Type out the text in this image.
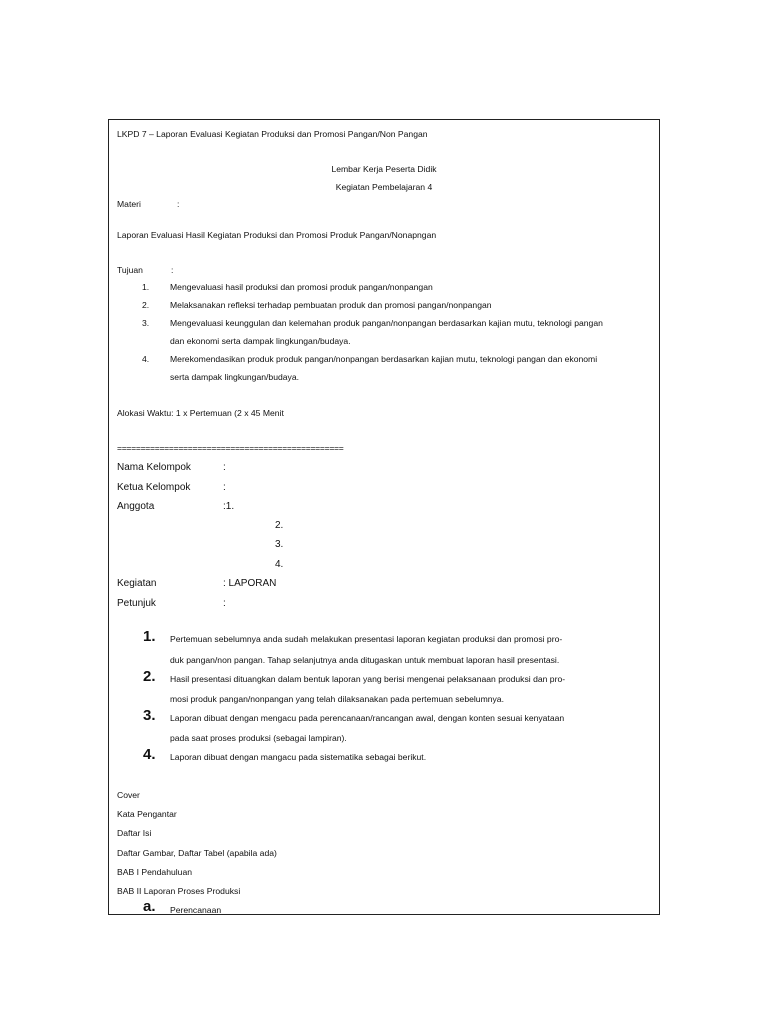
LKPD 7 – Laporan Evaluasi Kegiatan Produksi dan Promosi Pangan/Non Pangan
Lembar Kerja Peserta Didik
Kegiatan Pembelajaran 4
Materi	:
Laporan Evaluasi Hasil Kegiatan Produksi dan Promosi Produk Pangan/Nonapngan
Tujuan	:
1. Mengevaluasi hasil produksi dan promosi produk pangan/nonpangan
2. Melaksanakan refleksi terhadap pembuatan produk dan promosi pangan/nonpangan
3. Mengevaluasi keunggulan dan kelemahan produk pangan/nonpangan berdasarkan kajian mutu, teknologi pangan
dan ekonomi serta dampak lingkungan/budaya.
4. Merekomendasikan produk produk pangan/nonpangan berdasarkan kajian mutu, teknologi pangan dan ekonomi
serta dampak lingkungan/budaya.
Alokasi Waktu: 1 x Pertemuan (2 x 45 Menit
================================================
Nama Kelompok	:
Ketua Kelompok	:
Anggota	:1.
2.
3.
4.
Kegiatan	: LAPORAN
Petunjuk	:
1. Pertemuan sebelumnya anda sudah melakukan presentasi laporan kegiatan produksi dan promosi pro-
duk pangan/non pangan. Tahap selanjutnya anda ditugaskan untuk membuat laporan hasil presentasi.
2. Hasil presentasi dituangkan dalam bentuk laporan yang berisi mengenai pelaksanaan produksi dan pro-
mosi produk pangan/nonpangan yang telah dilaksanakan pada pertemuan sebelumnya.
3. Laporan dibuat dengan mengacu pada perencanaan/rancangan awal, dengan konten sesuai kenyataan
pada saat proses produksi (sebagai lampiran).
4. Laporan dibuat dengan mangacu pada sistematika sebagai berikut.
Cover
Kata Pengantar
Daftar Isi
Daftar Gambar, Daftar Tabel (apabila ada)
BAB I Pendahuluan
BAB II Laporan Proses Produksi
a. Perencanaan
